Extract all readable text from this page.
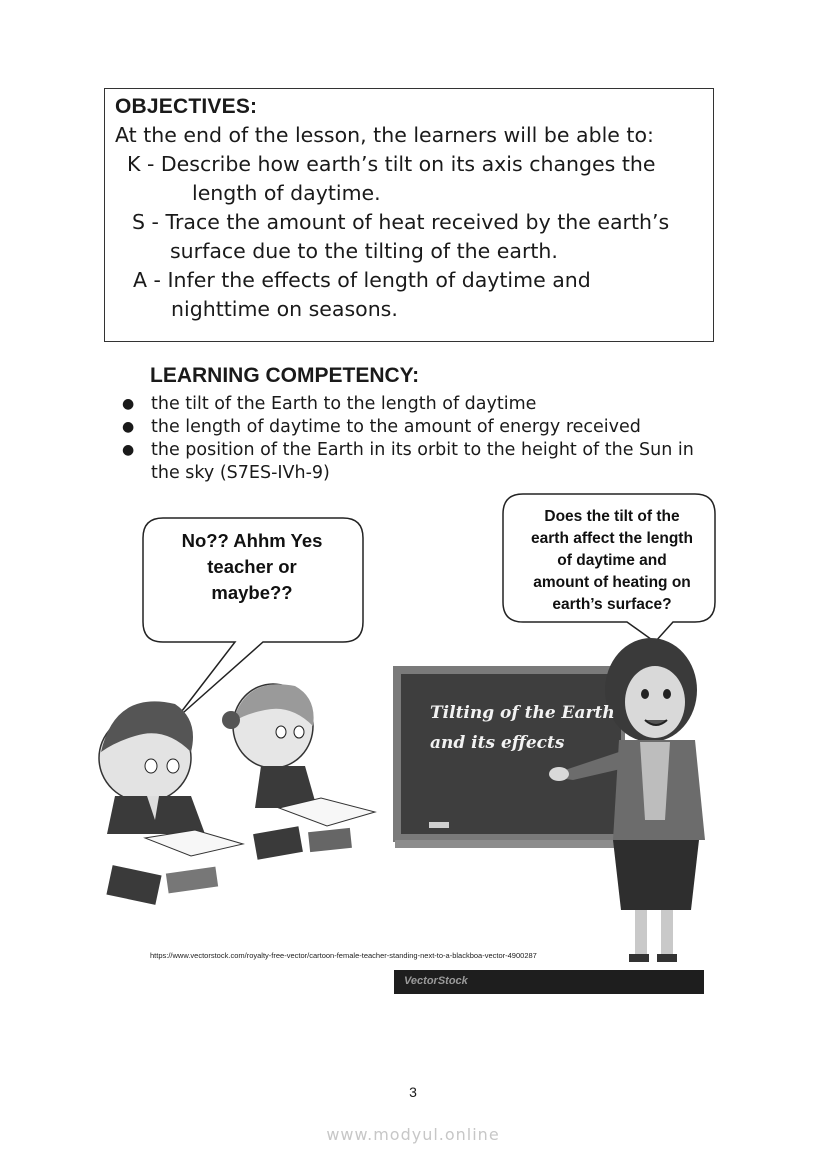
OBJECTIVES:

At the end of the lesson, the learners will be able to:

K - Describe how earth’s tilt on its axis changes the
length of daytime.

S - Trace the amount of heat received by the earth’s
surface due to the tilting of the earth.

A - Infer the effects of length of daytime and
nighttime on seasons.

LEARNING COMPETENCY:

● the tilt of the Earth to the length of daytime
● the length of daytime to the amount of energy received
● the position of the Earth in its orbit to the height of the Sun in the sky (S7ES-IVh-9)
No?? Ahhm Yes
teacher or
maybe??
Does the tilt of the
earth affect the length
of daytime and
amount of heating on
earth’s surface?
Tilting of the Earth
and its effects
https://www.vectorstock.com/royalty-free-vector/cartoon-female-teacher-standing-next-to-a-blackboa-vector-4900287
VectorStock
3
www.modyul.online
